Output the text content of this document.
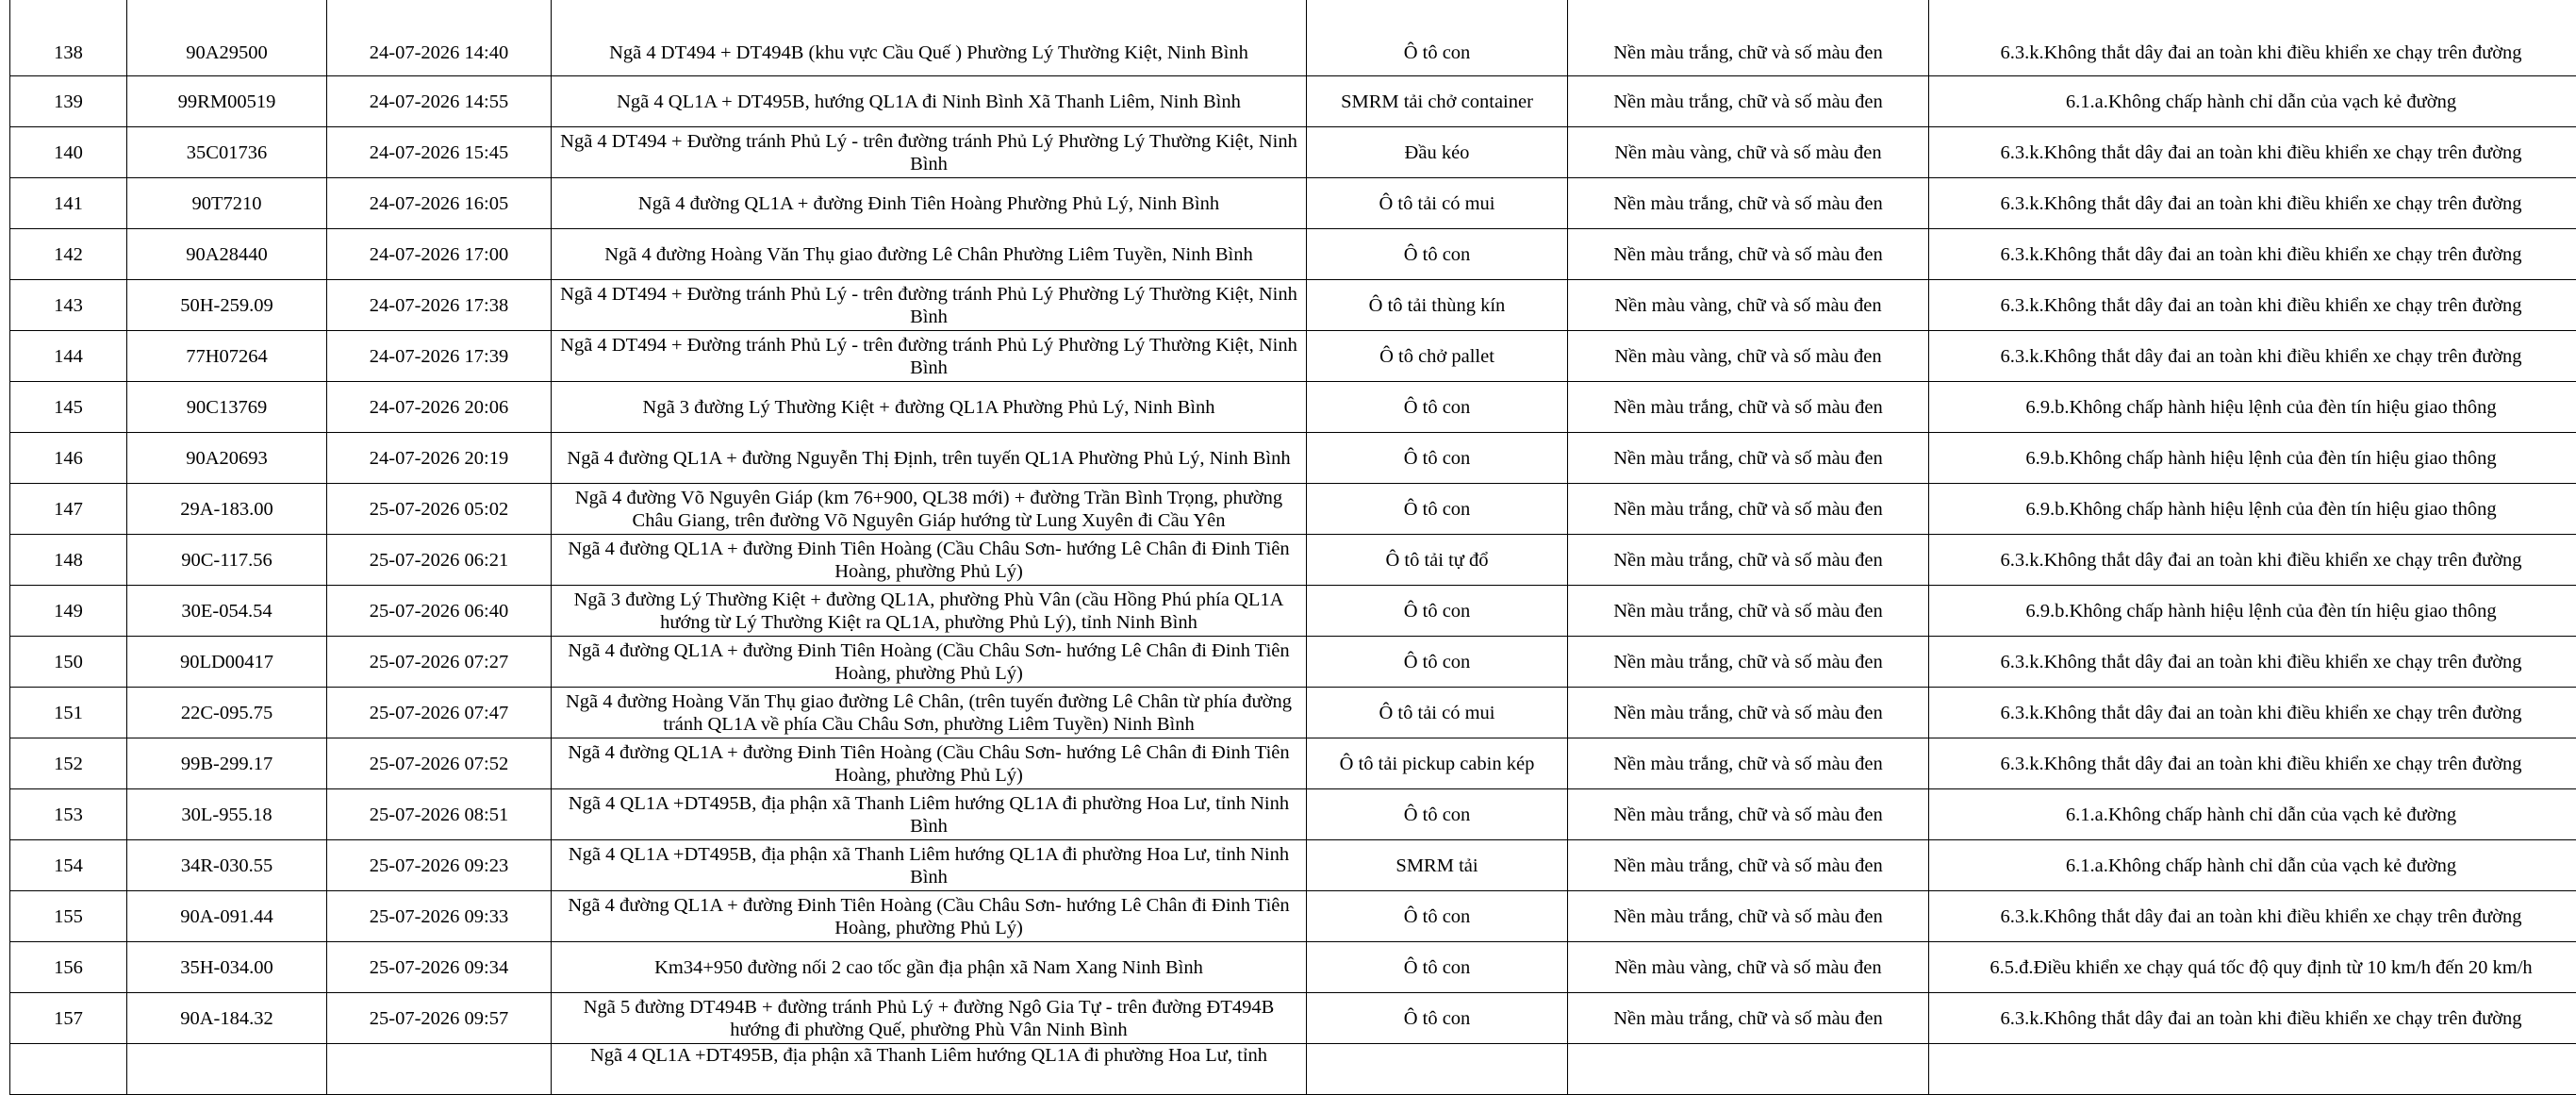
138	90A29500	24-07-2026 14:40	Ngã 4 DT494 + DT494B (khu vực Cầu Quế ) Phường Lý Thường Kiệt, Ninh Bình	Ô tô con	Nền màu trắng, chữ và số màu đen	6.3.k.Không thắt dây đai an toàn khi điều khiển xe chạy trên đường
139	99RM00519	24-07-2026 14:55	Ngã 4 QL1A + DT495B, hướng QL1A đi Ninh Bình Xã Thanh Liêm, Ninh Bình	SMRM tải chở container	Nền màu trắng, chữ và số màu đen	6.1.a.Không chấp hành chỉ dẫn của vạch kẻ đường
140	35C01736	24-07-2026 15:45	Ngã 4 DT494 + Đường tránh Phủ Lý - trên đường tránh Phủ Lý Phường Lý Thường Kiệt, Ninh Bình	Đầu kéo	Nền màu vàng, chữ và số màu đen	6.3.k.Không thắt dây đai an toàn khi điều khiển xe chạy trên đường
141	90T7210	24-07-2026 16:05	Ngã 4 đường QL1A + đường Đinh Tiên Hoàng Phường Phủ Lý, Ninh Bình	Ô tô tải có mui	Nền màu trắng, chữ và số màu đen	6.3.k.Không thắt dây đai an toàn khi điều khiển xe chạy trên đường
142	90A28440	24-07-2026 17:00	Ngã 4 đường Hoàng Văn Thụ giao đường Lê Chân Phường Liêm Tuyền, Ninh Bình	Ô tô con	Nền màu trắng, chữ và số màu đen	6.3.k.Không thắt dây đai an toàn khi điều khiển xe chạy trên đường
143	50H-259.09	24-07-2026 17:38	Ngã 4 DT494 + Đường tránh Phủ Lý - trên đường tránh Phủ Lý Phường Lý Thường Kiệt, Ninh Bình	Ô tô tải thùng kín	Nền màu vàng, chữ và số màu đen	6.3.k.Không thắt dây đai an toàn khi điều khiển xe chạy trên đường
144	77H07264	24-07-2026 17:39	Ngã 4 DT494 + Đường tránh Phủ Lý - trên đường tránh Phủ Lý Phường Lý Thường Kiệt, Ninh Bình	Ô tô chở pallet	Nền màu vàng, chữ và số màu đen	6.3.k.Không thắt dây đai an toàn khi điều khiển xe chạy trên đường
145	90C13769	24-07-2026 20:06	Ngã 3 đường Lý Thường Kiệt + đường QL1A Phường Phủ Lý, Ninh Bình	Ô tô con	Nền màu trắng, chữ và số màu đen	6.9.b.Không chấp hành hiệu lệnh của đèn tín hiệu giao thông
146	90A20693	24-07-2026 20:19	Ngã 4 đường QL1A + đường Nguyễn Thị Định, trên tuyến QL1A Phường Phủ Lý, Ninh Bình	Ô tô con	Nền màu trắng, chữ và số màu đen	6.9.b.Không chấp hành hiệu lệnh của đèn tín hiệu giao thông
147	29A-183.00	25-07-2026 05:02	Ngã 4 đường Võ Nguyên Giáp (km 76+900, QL38 mới) + đường Trần Bình Trọng, phường Châu Giang, trên đường Võ Nguyên Giáp hướng từ Lung Xuyên đi Cầu Yên	Ô tô con	Nền màu trắng, chữ và số màu đen	6.9.b.Không chấp hành hiệu lệnh của đèn tín hiệu giao thông
148	90C-117.56	25-07-2026 06:21	Ngã 4 đường QL1A + đường Đinh Tiên Hoàng (Cầu Châu Sơn- hướng Lê Chân đi Đinh Tiên Hoàng, phường Phủ Lý)	Ô tô tải tự đổ	Nền màu trắng, chữ và số màu đen	6.3.k.Không thắt dây đai an toàn khi điều khiển xe chạy trên đường
149	30E-054.54	25-07-2026 06:40	Ngã 3 đường Lý Thường Kiệt + đường QL1A, phường Phù Vân (cầu Hồng Phú phía QL1A hướng từ Lý Thường Kiệt ra QL1A, phường Phủ Lý), tỉnh Ninh Bình	Ô tô con	Nền màu trắng, chữ và số màu đen	6.9.b.Không chấp hành hiệu lệnh của đèn tín hiệu giao thông
150	90LD00417	25-07-2026 07:27	Ngã 4 đường QL1A + đường Đinh Tiên Hoàng (Cầu Châu Sơn- hướng Lê Chân đi Đinh Tiên Hoàng, phường Phủ Lý)	Ô tô con	Nền màu trắng, chữ và số màu đen	6.3.k.Không thắt dây đai an toàn khi điều khiển xe chạy trên đường
151	22C-095.75	25-07-2026 07:47	Ngã 4 đường Hoàng Văn Thụ giao đường Lê Chân, (trên tuyến đường Lê Chân từ phía đường tránh QL1A về phía Cầu Châu Sơn, phường Liêm Tuyền) Ninh Bình	Ô tô tải có mui	Nền màu trắng, chữ và số màu đen	6.3.k.Không thắt dây đai an toàn khi điều khiển xe chạy trên đường
152	99B-299.17	25-07-2026 07:52	Ngã 4 đường QL1A + đường Đinh Tiên Hoàng (Cầu Châu Sơn- hướng Lê Chân đi Đinh Tiên Hoàng, phường Phủ Lý)	Ô tô tải pickup cabin kép	Nền màu trắng, chữ và số màu đen	6.3.k.Không thắt dây đai an toàn khi điều khiển xe chạy trên đường
153	30L-955.18	25-07-2026 08:51	Ngã 4 QL1A +DT495B, địa phận xã Thanh Liêm hướng QL1A đi phường Hoa Lư, tỉnh Ninh Bình	Ô tô con	Nền màu trắng, chữ và số màu đen	6.1.a.Không chấp hành chỉ dẫn của vạch kẻ đường
154	34R-030.55	25-07-2026 09:23	Ngã 4 QL1A +DT495B, địa phận xã Thanh Liêm hướng QL1A đi phường Hoa Lư, tỉnh Ninh Bình	SMRM tải	Nền màu trắng, chữ và số màu đen	6.1.a.Không chấp hành chỉ dẫn của vạch kẻ đường
155	90A-091.44	25-07-2026 09:33	Ngã 4 đường QL1A + đường Đinh Tiên Hoàng (Cầu Châu Sơn- hướng Lê Chân đi Đinh Tiên Hoàng, phường Phủ Lý)	Ô tô con	Nền màu trắng, chữ và số màu đen	6.3.k.Không thắt dây đai an toàn khi điều khiển xe chạy trên đường
156	35H-034.00	25-07-2026 09:34	Km34+950 đường nối 2 cao tốc gần địa phận xã Nam Xang Ninh Bình	Ô tô con	Nền màu vàng, chữ và số màu đen	6.5.đ.Điều khiển xe chạy quá tốc độ quy định từ 10 km/h đến 20 km/h
157	90A-184.32	25-07-2026 09:57	Ngã 5 đường DT494B + đường tránh Phủ Lý + đường Ngô Gia Tự - trên đường ĐT494B hướng đi phường Quế, phường Phù Vân Ninh Bình	Ô tô con	Nền màu trắng, chữ và số màu đen	6.3.k.Không thắt dây đai an toàn khi điều khiển xe chạy trên đường
			Ngã 4 QL1A +DT495B, địa phận xã Thanh Liêm hướng QL1A đi phường Hoa Lư, tỉnh			
